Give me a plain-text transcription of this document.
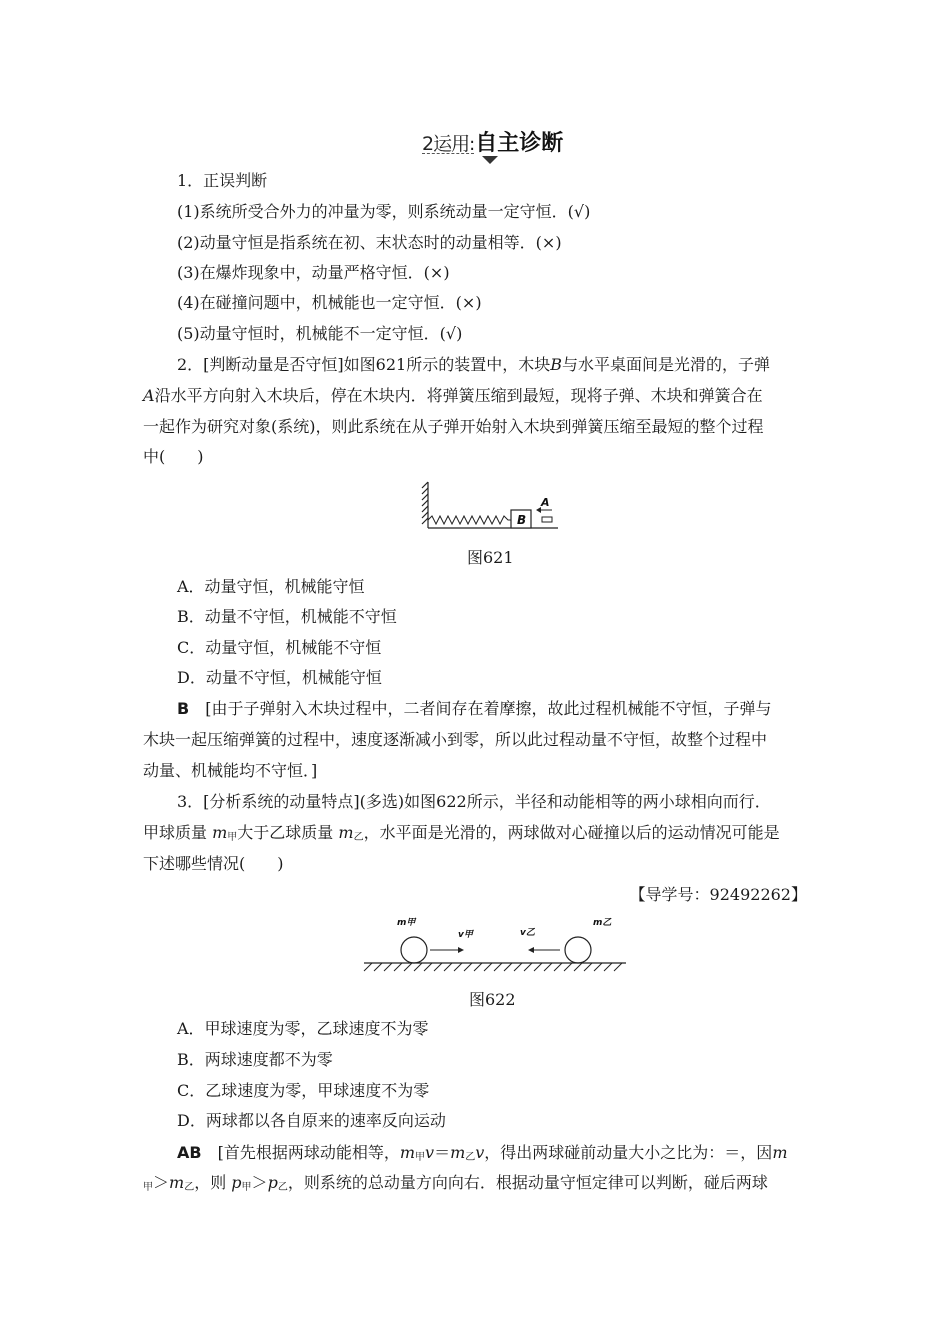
2运用:自主诊断
1．正误判断
(1)系统所受合外力的冲量为零，则系统动量一定守恒．(√)
(2)动量守恒是指系统在初、末状态时的动量相等．(×)
(3)在爆炸现象中，动量严格守恒．(×)
(4)在碰撞问题中，机械能也一定守恒．(×)
(5)动量守恒时，机械能不一定守恒．(√)
2．[判断动量是否守恒]如图621所示的装置中，木块B与水平桌面间是光滑的，子弹
A沿水平方向射入木块后，停在木块内．将弹簧压缩到最短，现将子弹、木块和弹簧合在
一起作为研究对象(系统)，则此系统在从子弹开始射入木块到弹簧压缩至最短的整个过程
中(　　)
B
A
图621
A．动量守恒，机械能守恒
B．动量不守恒，机械能不守恒
C．动量守恒，机械能不守恒
D．动量不守恒，机械能守恒
B　 [由于子弹射入木块过程中，二者间存在着摩擦，故此过程机械能不守恒，子弹与
木块一起压缩弹簧的过程中，速度逐渐减小到零，所以此过程动量不守恒，故整个过程中
动量、机械能均不守恒．]
3．[分析系统的动量特点](多选)如图622所示，半径和动能相等的两小球相向而行．
甲球质量 $m_甲$大于乙球质量 $m_乙$，水平面是光滑的，两球做对心碰撞以后的运动情况可能是
下述哪些情况(　　)
【导学号：92492262】
m甲
v甲	v乙
m乙
图622
A．甲球速度为零，乙球速度不为零
B．两球速度都不为零
C．乙球速度为零，甲球速度不为零
D．两球都以各自原来的速率反向运动
AB　 [首先根据两球动能相等，$m_甲v=m_乙v$，得出两球碰前动量大小之比为：＝，因m
$_甲>m_乙$，则 $p_甲>p_乙$，则系统的总动量方向向右．根据动量守恒定律可以判断，碰后两球
